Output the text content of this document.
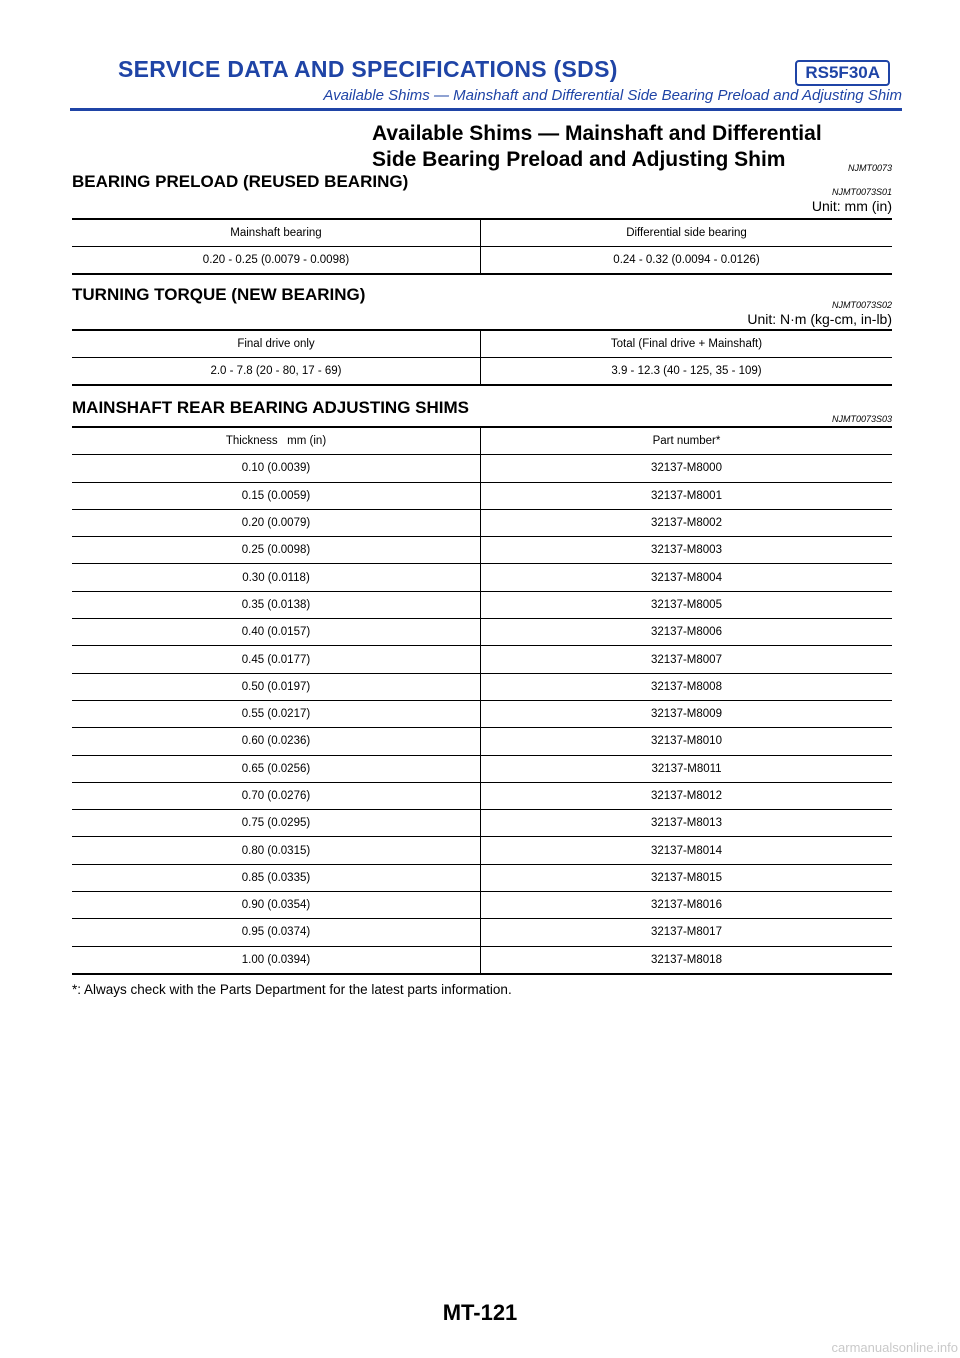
SERVICE DATA AND SPECIFICATIONS (SDS)	RS5F30A
Available Shims — Mainshaft and Differential Side Bearing Preload and Adjusting Shim
Available Shims — Mainshaft and Differential
Side Bearing Preload and Adjusting Shim	NJMT0073
BEARING PRELOAD (REUSED BEARING)
NJMT0073S01
Unit: mm (in)
Mainshaft bearing	Differential side bearing
0.20 - 0.25 (0.0079 - 0.0098)	0.24 - 0.32 (0.0094 - 0.0126)
TURNING TORQUE (NEW BEARING)
NJMT0073S02
Unit: N·m (kg-cm, in-lb)
Final drive only	Total (Final drive + Mainshaft)
2.0 - 7.8 (20 - 80, 17 - 69)	3.9 - 12.3 (40 - 125, 35 - 109)
MAINSHAFT REAR BEARING ADJUSTING SHIMS
NJMT0073S03
Thickness   mm (in)	Part number*
0.10 (0.0039)	32137-M8000
0.15 (0.0059)	32137-M8001
0.20 (0.0079)	32137-M8002
0.25 (0.0098)	32137-M8003
0.30 (0.0118)	32137-M8004
0.35 (0.0138)	32137-M8005
0.40 (0.0157)	32137-M8006
0.45 (0.0177)	32137-M8007
0.50 (0.0197)	32137-M8008
0.55 (0.0217)	32137-M8009
0.60 (0.0236)	32137-M8010
0.65 (0.0256)	32137-M8011
0.70 (0.0276)	32137-M8012
0.75 (0.0295)	32137-M8013
0.80 (0.0315)	32137-M8014
0.85 (0.0335)	32137-M8015
0.90 (0.0354)	32137-M8016
0.95 (0.0374)	32137-M8017
1.00 (0.0394)	32137-M8018
*: Always check with the Parts Department for the latest parts information.
MT-121
carmanualsonline.info
